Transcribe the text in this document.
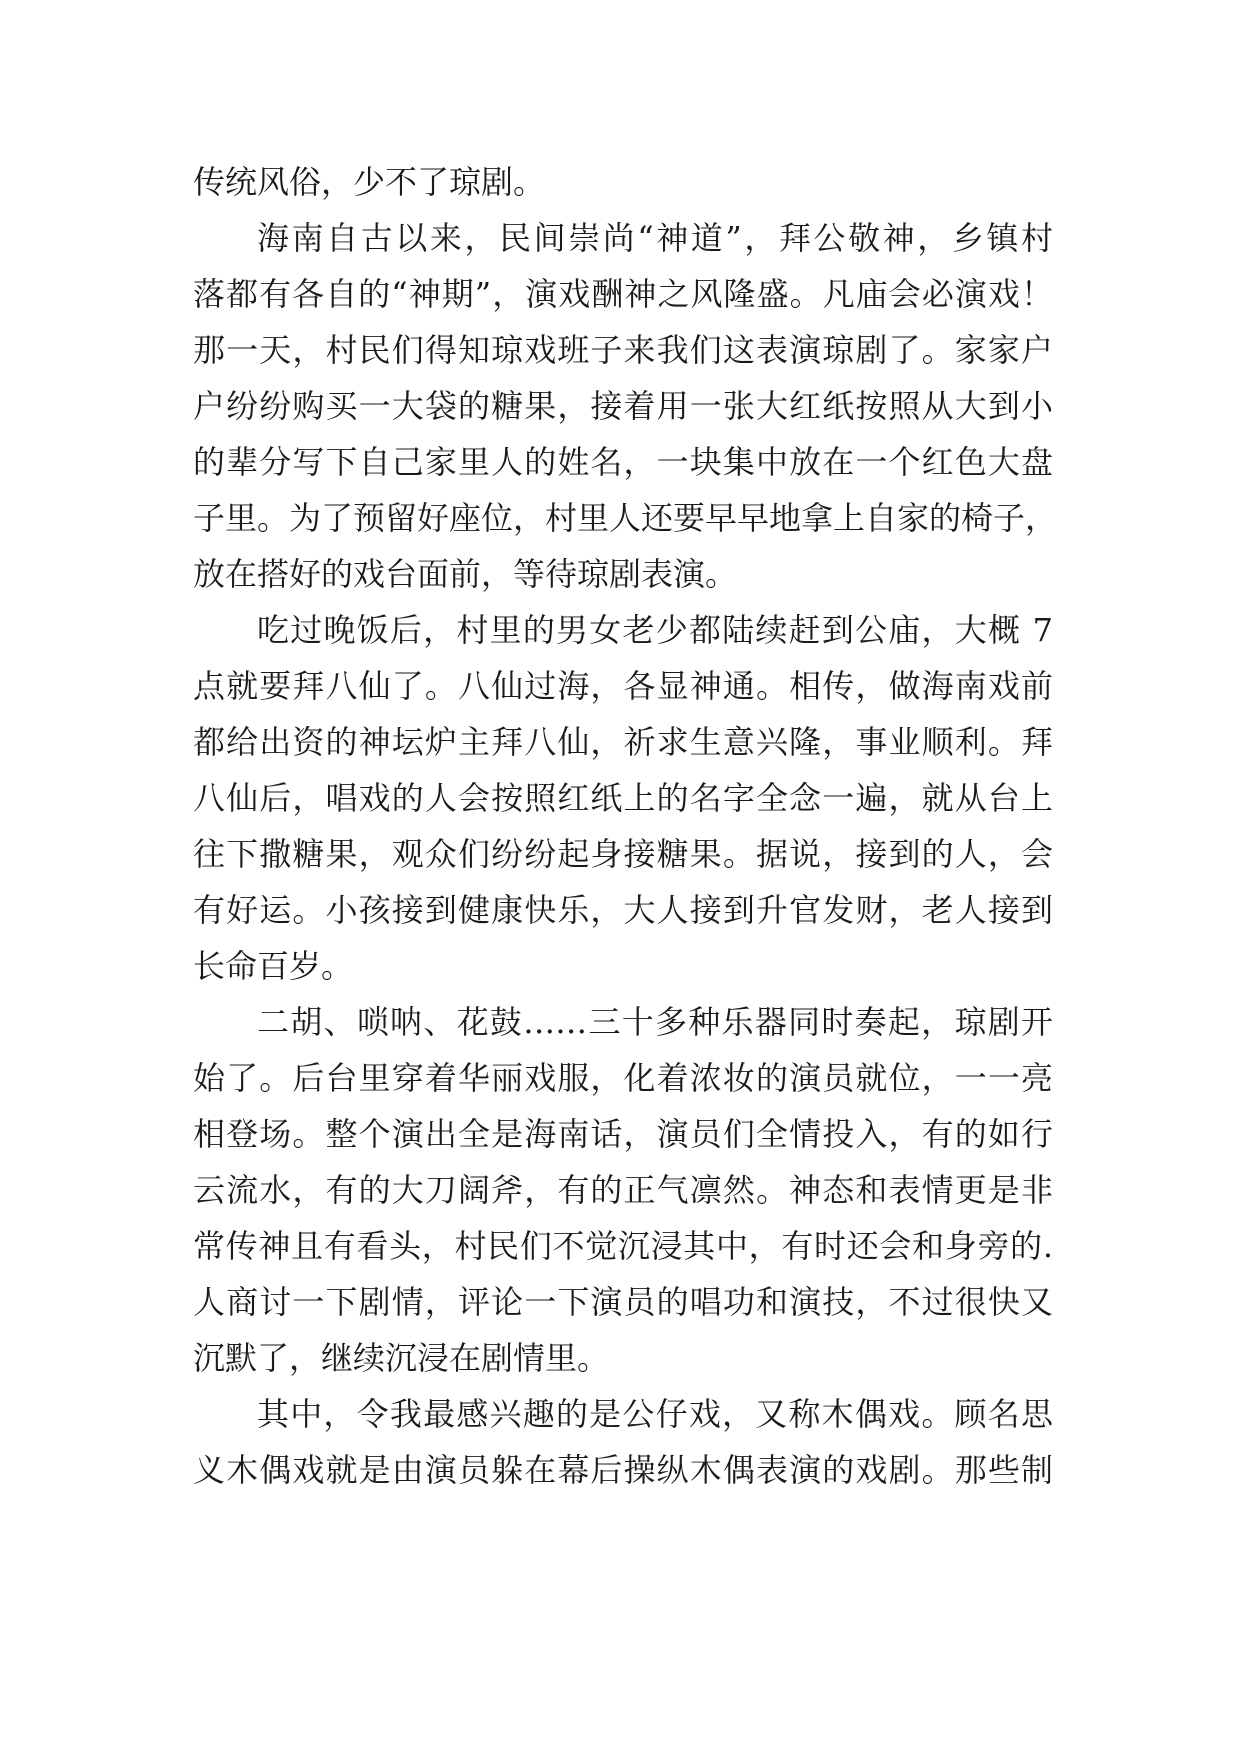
传统风俗，少不了琼剧。
海南自古以来，民间崇尚“神道”，拜公敬神，乡镇村
落都有各自的“神期”，演戏酬神之风隆盛。凡庙会必演戏！
那一天，村民们得知琼戏班子来我们这表演琼剧了。家家户
户纷纷购买一大袋的糖果，接着用一张大红纸按照从大到小
的辈分写下自己家里人的姓名，一块集中放在一个红色大盘
子里。为了预留好座位，村里人还要早早地拿上自家的椅子，
放在搭好的戏台面前，等待琼剧表演。
吃过晚饭后，村里的男女老少都陆续赶到公庙，大概 7
点就要拜八仙了。八仙过海，各显神通。相传，做海南戏前
都给出资的神坛炉主拜八仙，祈求生意兴隆，事业顺利。拜
八仙后，唱戏的人会按照红纸上的名字全念一遍，就从台上
往下撒糖果，观众们纷纷起身接糖果。据说，接到的人，会
有好运。小孩接到健康快乐，大人接到升官发财，老人接到
长命百岁。
二胡、唢呐、花鼓……三十多种乐器同时奏起，琼剧开
始了。后台里穿着华丽戏服，化着浓妆的演员就位，一一亮
相登场。整个演出全是海南话，演员们全情投入，有的如行
云流水，有的大刀阔斧，有的正气凛然。神态和表情更是非
常传神且有看头，村民们不觉沉浸其中，有时还会和身旁的.
人商讨一下剧情，评论一下演员的唱功和演技，不过很快又
沉默了，继续沉浸在剧情里。
其中，令我最感兴趣的是公仔戏，又称木偶戏。顾名思
义木偶戏就是由演员躲在幕后操纵木偶表演的戏剧。那些制
